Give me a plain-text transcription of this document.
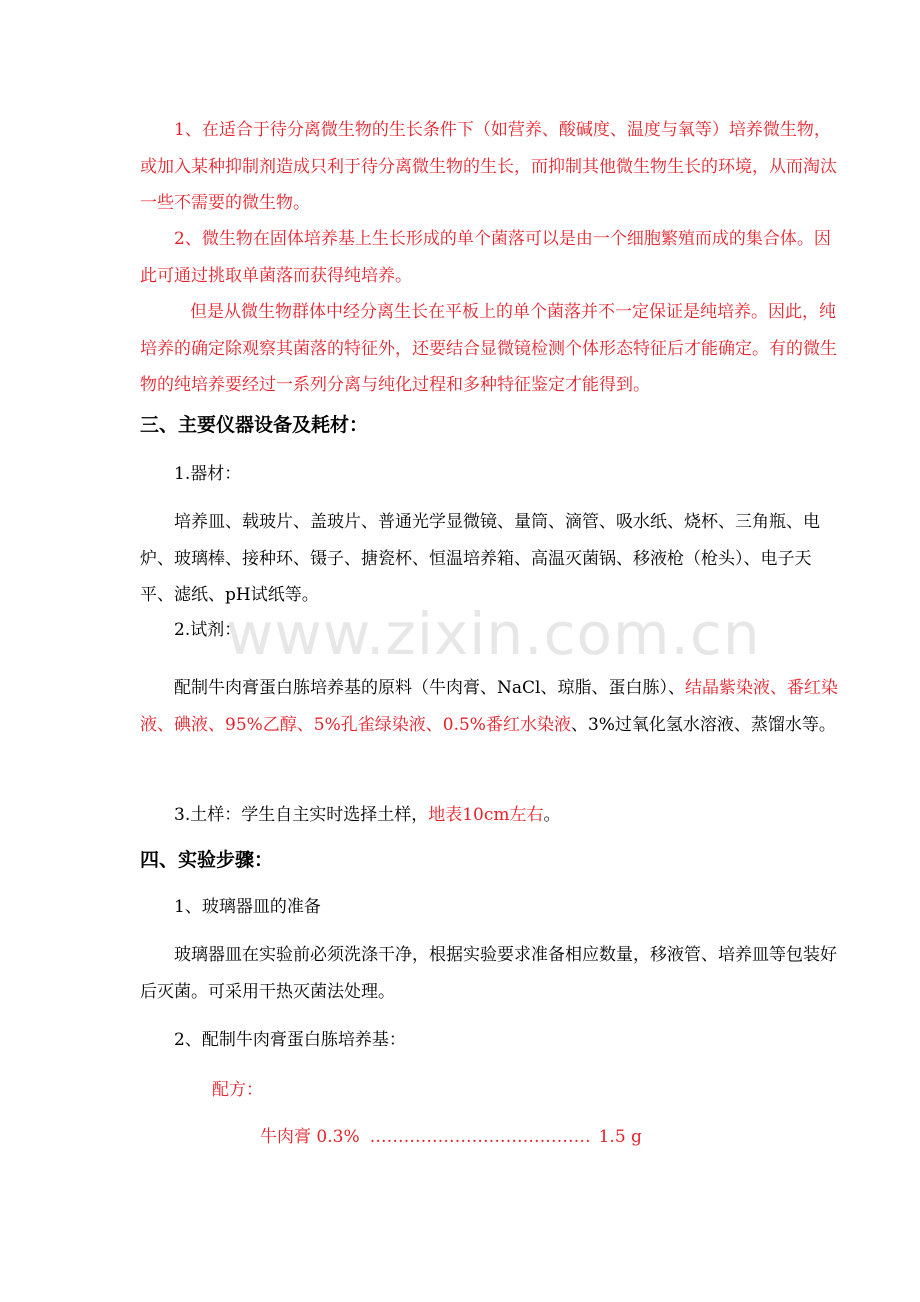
www.zixin.com.cn

1、在适合于待分离微生物的生长条件下（如营养、酸碱度、温度与氧等）培养微生物，或加入某种抑制剂造成只利于待分离微生物的生长，而抑制其他微生物生长的环境，从而淘汰一些不需要的微生物。

2、微生物在固体培养基上生长形成的单个菌落可以是由一个细胞繁殖而成的集合体。因此可通过挑取单菌落而获得纯培养。

但是从微生物群体中经分离生长在平板上的单个菌落并不一定保证是纯培养。因此，纯培养的确定除观察其菌落的特征外，还要结合显微镜检测个体形态特征后才能确定。有的微生物的纯培养要经过一系列分离与纯化过程和多种特征鉴定才能得到。

三、主要仪器设备及耗材：

1.器材：

培养皿、载玻片、盖玻片、普通光学显微镜、量筒、滴管、吸水纸、烧杯、三角瓶、电炉、玻璃棒、接种环、镊子、搪瓷杯、恒温培养箱、高温灭菌锅、移液枪（枪头）、电子天平、滤纸、pH试纸等。

2.试剂：

配制牛肉膏蛋白胨培养基的原料（牛肉膏、NaCl、琼脂、蛋白胨）、结晶紫染液、番红染液、碘液、95%乙醇、5%孔雀绿染液、0.5%番红水染液、3%过氧化氢水溶液、蒸馏水等。

3.土样：学生自主实时选择土样，地表10cm左右。

四、实验步骤：

1、玻璃器皿的准备

玻璃器皿在实验前必须洗涤干净，根据实验要求准备相应数量，移液管、培养皿等包装好后灭菌。可采用干热灭菌法处理。

2、配制牛肉膏蛋白胨培养基：

配方：

牛肉膏 0.3% ………………………………… 1.5 g
